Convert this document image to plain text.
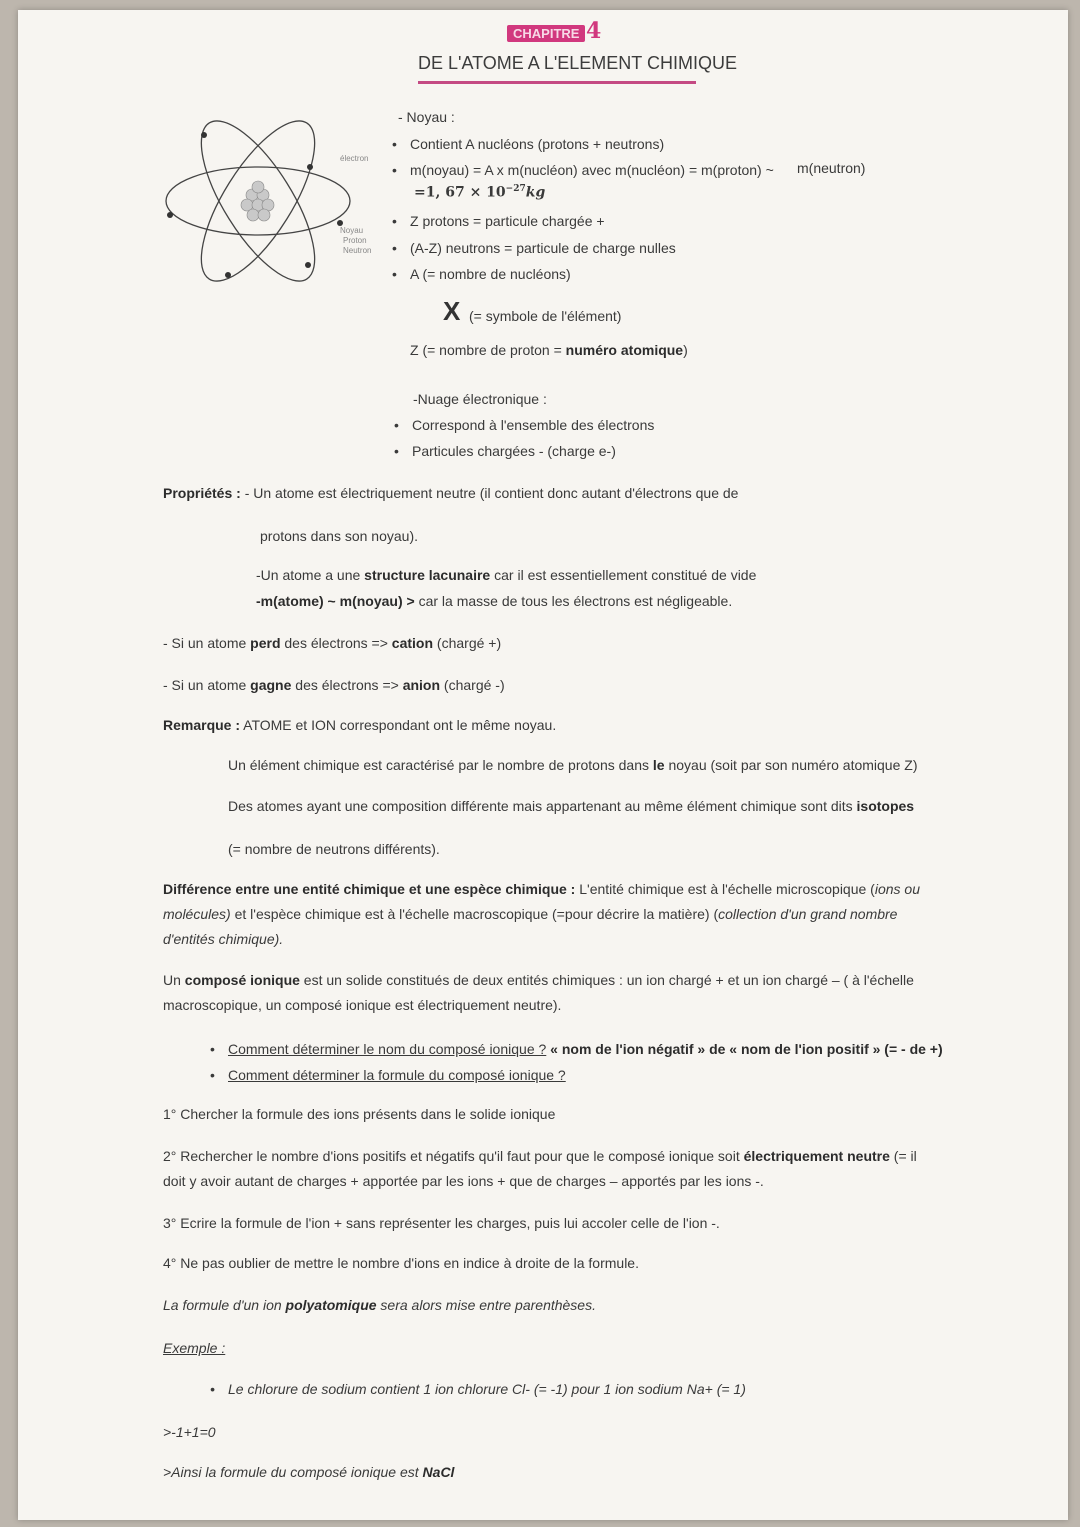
CHAPITRE 4
DE L'ATOME A L'ELEMENT CHIMIQUE
électron
Noyau
Proton
Neutron
- Noyau :
• Contient A nucléons (protons + neutrons)
• m(noyau) = A x m(nucléon) avec m(nucléon) = m(proton) ~ m(neutron)
=1, $67 \times 10^{-27}kg$
• Z protons = particule chargée +
• (A-Z) neutrons = particule de charge nulles
• A (= nombre de nucléons)
X (= symbole de l'élément)
Z (= nombre de proton = numéro atomique)
-Nuage électronique :
• Correspond à l'ensemble des électrons
• Particules chargées - (charge e-)
Propriétés : - Un atome est électriquement neutre (il contient donc autant d'électrons que de
protons dans son noyau).
-Un atome a une structure lacunaire car il est essentiellement constitué de vide
-m(atome) ~ m(noyau) > car la masse de tous les électrons est négligeable.
- Si un atome perd des électrons => cation (chargé +)
- Si un atome gagne des électrons => anion (chargé -)
Remarque : ATOME et ION correspondant ont le même noyau.
Un élément chimique est caractérisé par le nombre de protons dans le noyau (soit par son numéro atomique Z)
Des atomes ayant une composition différente mais appartenant au même élément chimique sont dits isotopes
(= nombre de neutrons différents).
Différence entre une entité chimique et une espèce chimique : L'entité chimique est à l'échelle microscopique (ions ou
molécules) et l'espèce chimique est à l'échelle macroscopique (=pour décrire la matière) (collection d'un grand nombre
d'entités chimique).
Un composé ionique est un solide constitués de deux entités chimiques : un ion chargé + et un ion chargé – ( à l'échelle
macroscopique, un composé ionique est électriquement neutre).
• Comment déterminer le nom du composé ionique ? « nom de l'ion négatif » de « nom de l'ion positif » (= - de +)
• Comment déterminer la formule du composé ionique ?
1° Chercher la formule des ions présents dans le solide ionique
2° Rechercher le nombre d'ions positifs et négatifs qu'il faut pour que le composé ionique soit électriquement neutre (= il
doit y avoir autant de charges + apportée par les ions + que de charges – apportés par les ions -.
3° Ecrire la formule de l'ion + sans représenter les charges, puis lui accoler celle de l'ion -.
4° Ne pas oublier de mettre le nombre d'ions en indice à droite de la formule.
La formule d'un ion polyatomique sera alors mise entre parenthèses.
Exemple :
• Le chlorure de sodium contient 1 ion chlorure Cl- (= -1) pour 1 ion sodium Na+ (= 1)
>-1+1=0
>Ainsi la formule du composé ionique est NaCl
